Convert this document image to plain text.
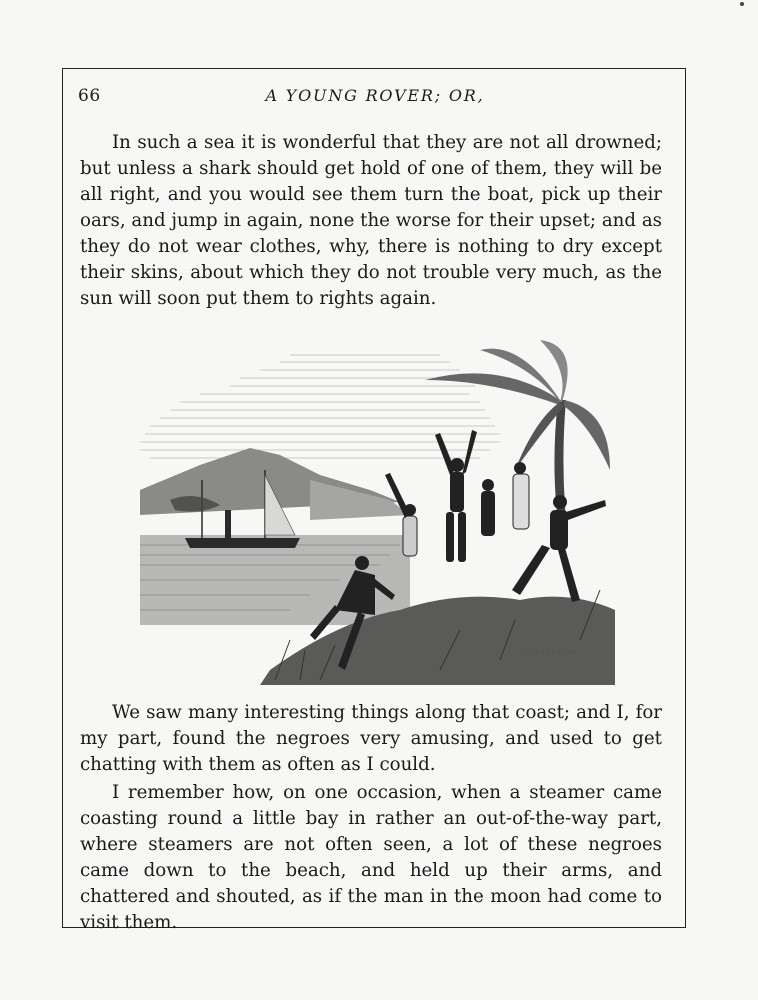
66	A YOUNG ROVER; OR,

In such a sea it is wonderful that they are not all drowned; but unless a shark should get hold of one of them, they will be all right, and you would see them turn the boat, pick up their oars, and jump in again, none the worse for their upset; and as they do not wear clothes, why, there is nothing to dry except their skins, about which they do not trouble very much, as the sun will soon put them to rights again.

J. JOHNSTON

We saw many interesting things along that coast; and I, for my part, found the negroes very amusing, and used to get chatting with them as often as I could.

I remember how, on one occasion, when a steamer came coasting round a little bay in rather an out-of-the-way part, where steamers are not often seen, a lot of these negroes came down to the beach, and held up their arms, and chattered and shouted, as if the man in the moon had come to visit them.
